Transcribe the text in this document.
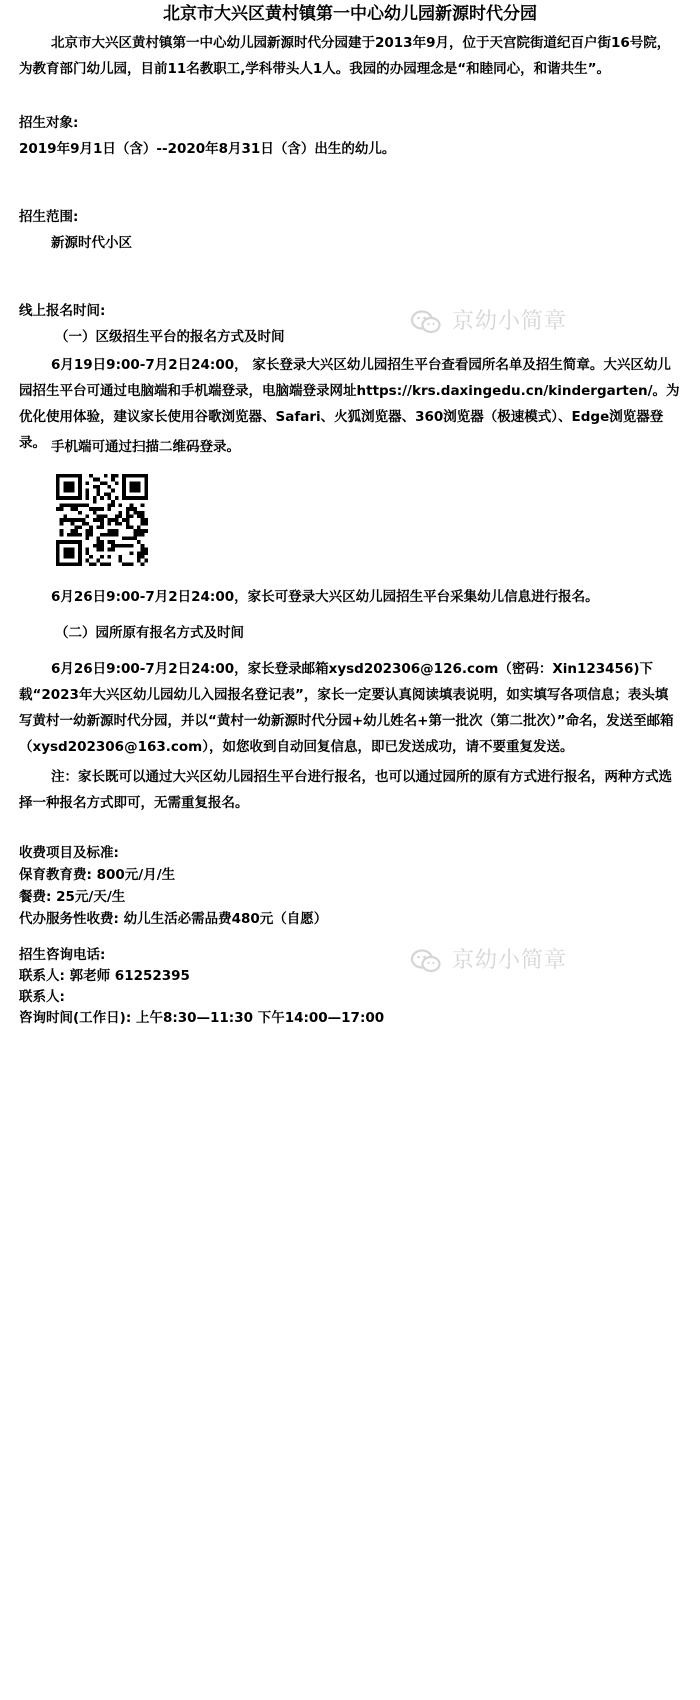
北京市大兴区黄村镇第一中心幼儿园新源时代分园

北京市大兴区黄村镇第一中心幼儿园新源时代分园建于2013年9月，位于天宫院街道纪百户街16号院，为教育部门幼儿园，目前11名教职工,学科带头人1人。我园的办园理念是“和睦同心，和谐共生”。

招生对象:
2019年9月1日（含）--2020年8月31日（含）出生的幼儿。
招生范围:
新源时代小区
线上报名时间:
（一）区级招生平台的报名方式及时间

6月19日9:00-7月2日24:00， 家长登录大兴区幼儿园招生平台查看园所名单及招生简章。大兴区幼儿园招生平台可通过电脑端和手机端登录，电脑端登录网址https://krs.daxingedu.cn/kindergarten/。为优化使用体验，建议家长使用谷歌浏览器、Safari、火狐浏览器、360浏览器（极速模式）、Edge浏览器登录。 手机端可通过扫描二维码登录。

6月26日9:00-7月2日24:00，家长可登录大兴区幼儿园招生平台采集幼儿信息进行报名。

（二）园所原有报名方式及时间

6月26日9:00-7月2日24:00，家长登录邮箱xysd202306@126.com（密码：Xin123456)下载“2023年大兴区幼儿园幼儿入园报名登记表”，家长一定要认真阅读填表说明，如实填写各项信息；表头填写黄村一幼新源时代分园，并以“黄村一幼新源时代分园+幼儿姓名+第一批次（第二批次）”命名，发送至邮箱（xysd202306@163.com），如您收到自动回复信息，即已发送成功，请不要重复发送。

注：家长既可以通过大兴区幼儿园招生平台进行报名，也可以通过园所的原有方式进行报名，两种方式选择一种报名方式即可，无需重复报名。

收费项目及标准:
保育教育费: 800元/月/生
餐费: 25元/天/生
代办服务性收费: 幼儿生活必需品费480元（自愿）
招生咨询电话:
联系人: 郭老师 61252395
联系人:
咨询时间(工作日): 上午8:30—11:30 下午14:00—17:00
京幼小简章
京幼小简章
